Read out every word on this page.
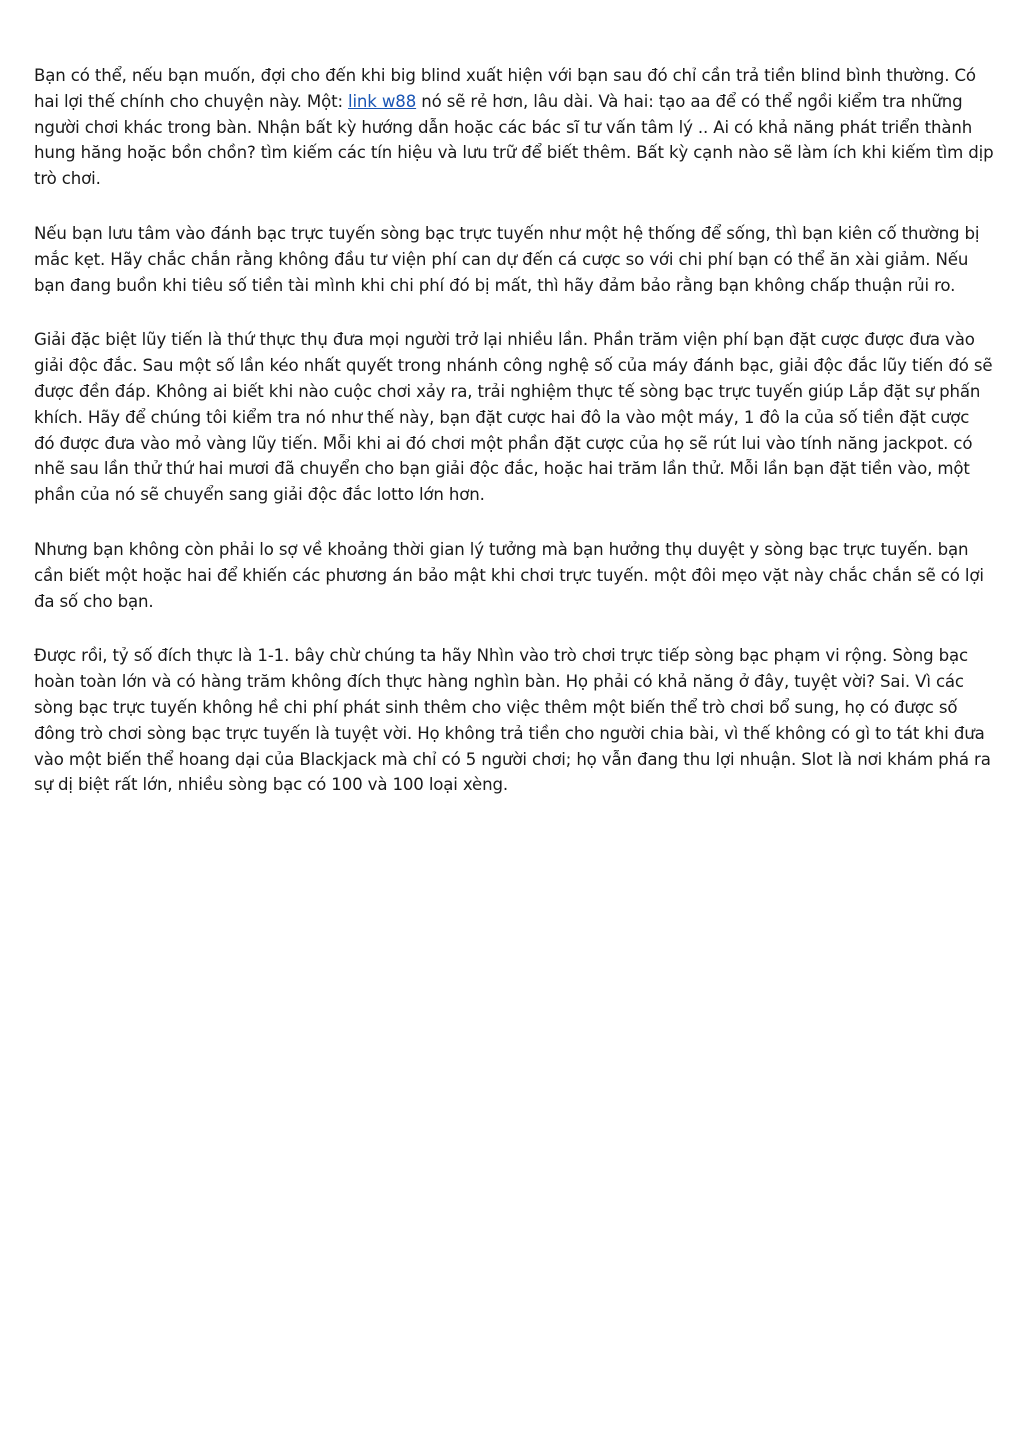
Bạn có thể, nếu bạn muốn, đợi cho đến khi big blind xuất hiện với bạn sau đó chỉ cần trả tiền blind bình thường. Có hai lợi thế chính cho chuyện này. Một: link w88 nó sẽ rẻ hơn, lâu dài. Và hai: tạo aa để có thể ngồi kiểm tra những người chơi khác trong bàn. Nhận bất kỳ hướng dẫn hoặc các bác sĩ tư vấn tâm lý .. Ai có khả năng phát triển thành hung hăng hoặc bồn chồn? tìm kiếm các tín hiệu và lưu trữ để biết thêm. Bất kỳ cạnh nào sẽ làm ích khi kiếm tìm dịp trò chơi.

Nếu bạn lưu tâm vào đánh bạc trực tuyến sòng bạc trực tuyến như một hệ thống để sống, thì bạn kiên cố thường bị mắc kẹt. Hãy chắc chắn rằng không đầu tư viện phí can dự đến cá cược so với chi phí bạn có thể ăn xài giảm. Nếu bạn đang buồn khi tiêu số tiền tài mình khi chi phí đó bị mất, thì hãy đảm bảo rằng bạn không chấp thuận rủi ro.

Giải đặc biệt lũy tiến là thứ thực thụ đưa mọi người trở lại nhiều lần. Phần trăm viện phí bạn đặt cược được đưa vào giải độc đắc. Sau một số lần kéo nhất quyết trong nhánh công nghệ số của máy đánh bạc, giải độc đắc lũy tiến đó sẽ được đền đáp. Không ai biết khi nào cuộc chơi xảy ra, trải nghiệm thực tế sòng bạc trực tuyến giúp Lắp đặt sự phấn khích. Hãy để chúng tôi kiểm tra nó như thế này, bạn đặt cược hai đô la vào một máy, 1 đô la của số tiền đặt cược đó được đưa vào mỏ vàng lũy tiến. Mỗi khi ai đó chơi một phần đặt cược của họ sẽ rút lui vào tính năng jackpot. có nhẽ sau lần thử thứ hai mươi đã chuyển cho bạn giải độc đắc, hoặc hai trăm lần thử. Mỗi lần bạn đặt tiền vào, một phần của nó sẽ chuyển sang giải độc đắc lotto lớn hơn.

Nhưng bạn không còn phải lo sợ về khoảng thời gian lý tưởng mà bạn hưởng thụ duyệt y sòng bạc trực tuyến. bạn cần biết một hoặc hai để khiến các phương án bảo mật khi chơi trực tuyến. một đôi mẹo vặt này chắc chắn sẽ có lợi đa số cho bạn.

Được rồi, tỷ số đích thực là 1-1. bây chừ chúng ta hãy Nhìn vào trò chơi trực tiếp sòng bạc phạm vi rộng. Sòng bạc hoàn toàn lớn và có hàng trăm không đích thực hàng nghìn bàn. Họ phải có khả năng ở đây, tuyệt vời? Sai. Vì các sòng bạc trực tuyến không hề chi phí phát sinh thêm cho việc thêm một biến thể trò chơi bổ sung, họ có được số đông trò chơi sòng bạc trực tuyến là tuyệt vời. Họ không trả tiền cho người chia bài, vì thế không có gì to tát khi đưa vào một biến thể hoang dại của Blackjack mà chỉ có 5 người chơi; họ vẫn đang thu lợi nhuận. Slot là nơi khám phá ra sự dị biệt rất lớn, nhiều sòng bạc có 100 và 100 loại xèng.
